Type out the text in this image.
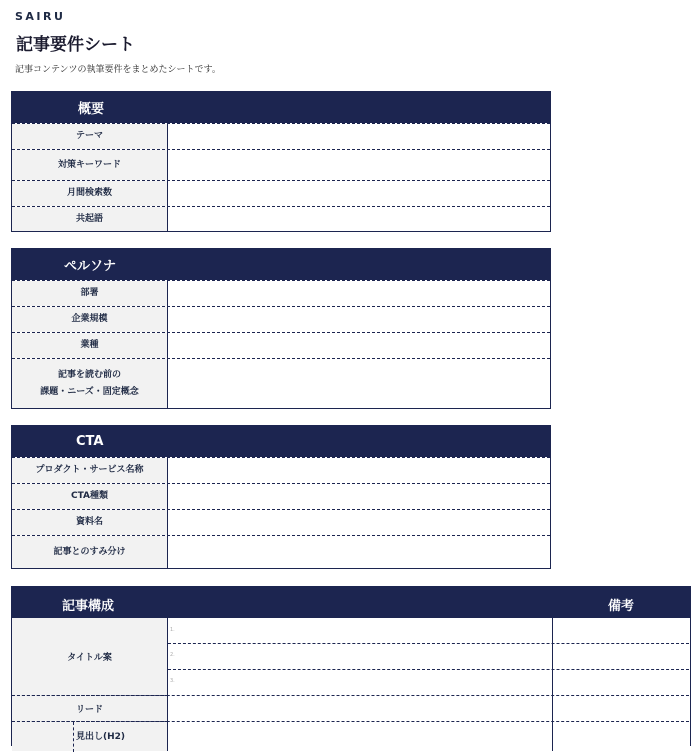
SAIRU
記事要件シート
記事コンテンツの執筆要件をまとめたシートです。
概要
テーマ
対策キーワード
月間検索数
共起語
ペルソナ
部署
企業規模
業種
記事を読む前の
課題・ニーズ・固定概念
CTA
プロダクト・サービス名称
CTA種類
資料名
記事とのすみ分け
記事構成	備考
タイトル案
1.
2.
3.
リード
見出し(H2)
